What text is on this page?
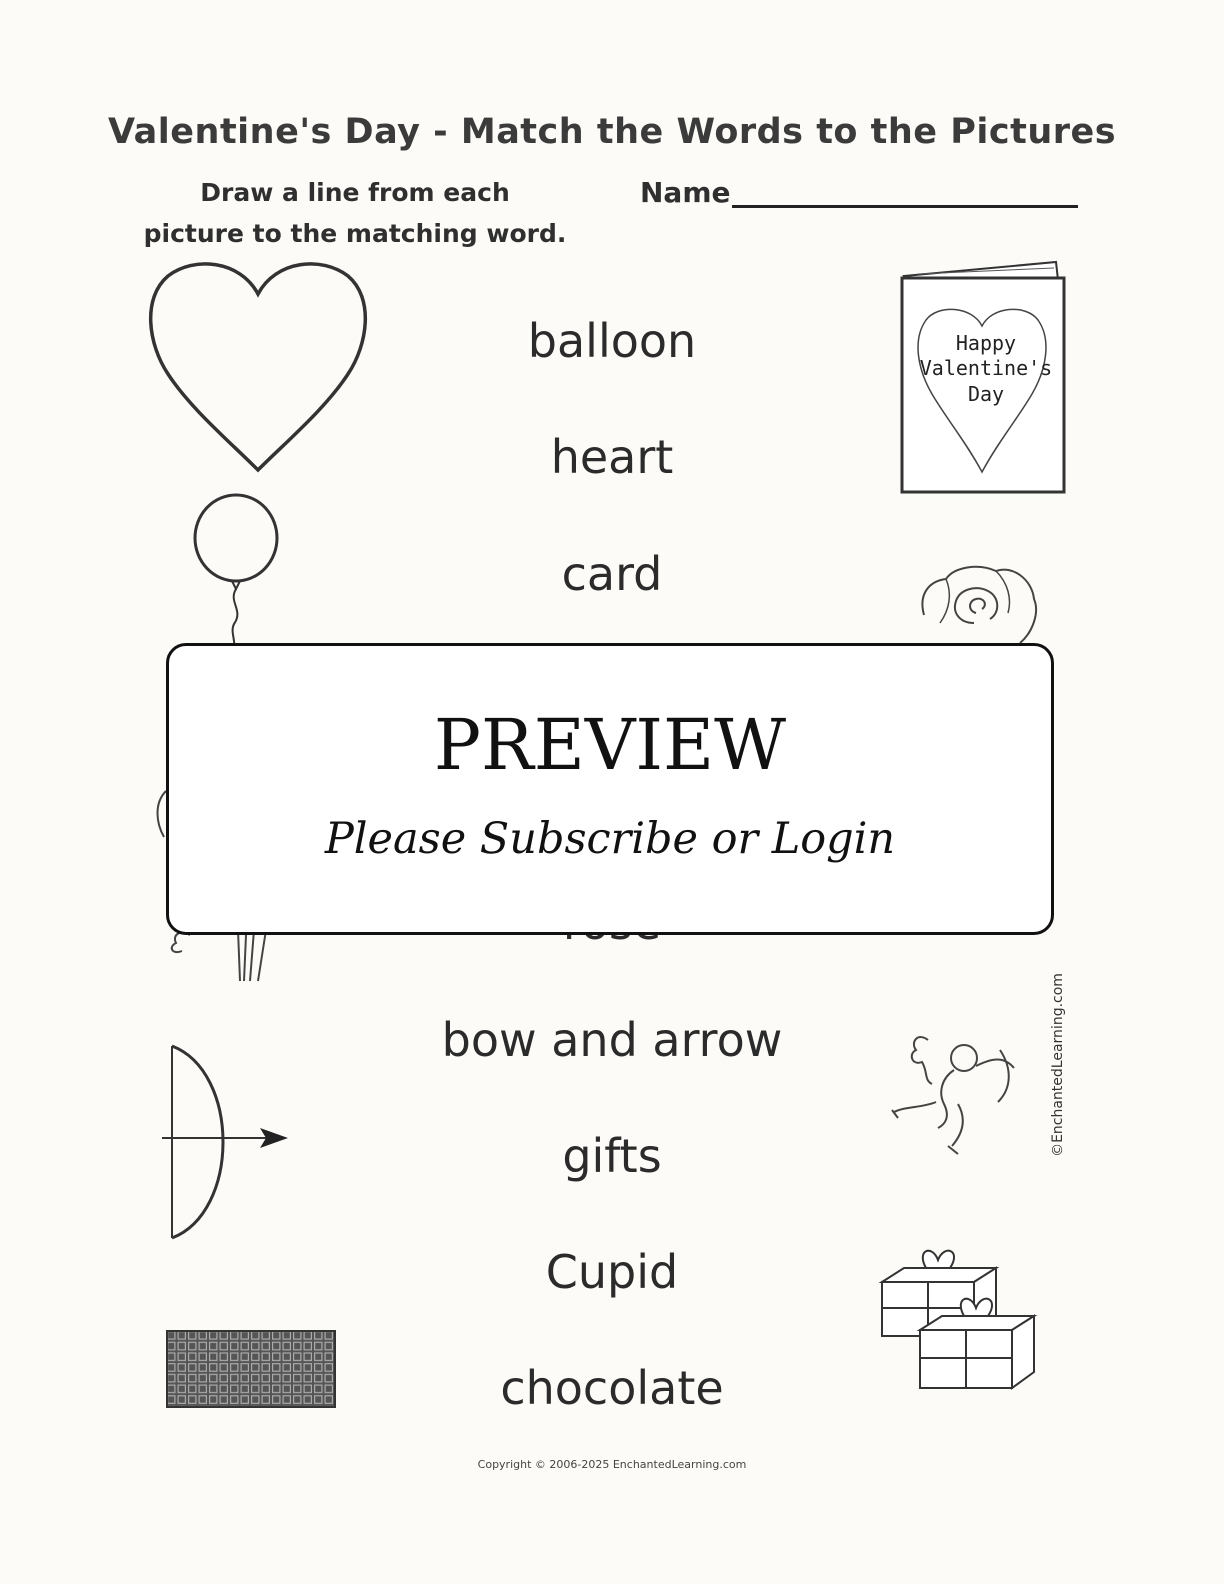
Valentine's Day - Match the Words to the Pictures
Draw a line from each
picture to the matching word.
Name
balloon
heart
card
bow and arrow
gifts
Cupid
chocolate
Happy
Valentine's
Day
©EnchantedLearning.com
Copyright © 2006-2025 EnchantedLearning.com
PREVIEW
Please Subscribe or Login
